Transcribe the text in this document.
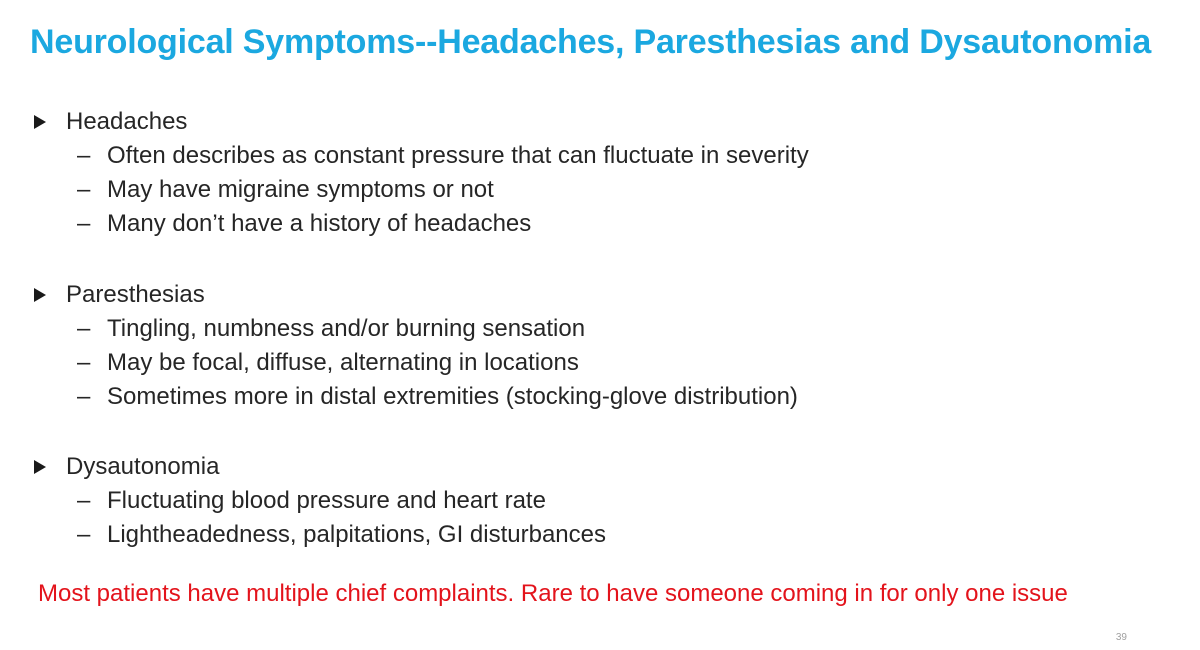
Neurological Symptoms--Headaches, Paresthesias and Dysautonomia
Headaches
– Often describes as constant pressure that can fluctuate in severity
– May have migraine symptoms or not
– Many don’t have a history of headaches
Paresthesias
– Tingling, numbness and/or burning sensation
– May be focal, diffuse, alternating in locations
– Sometimes more in distal extremities (stocking-glove distribution)
Dysautonomia
– Fluctuating blood pressure and heart rate
– Lightheadedness, palpitations, GI disturbances
Most patients have multiple chief complaints. Rare to have someone coming in for only one issue
39
